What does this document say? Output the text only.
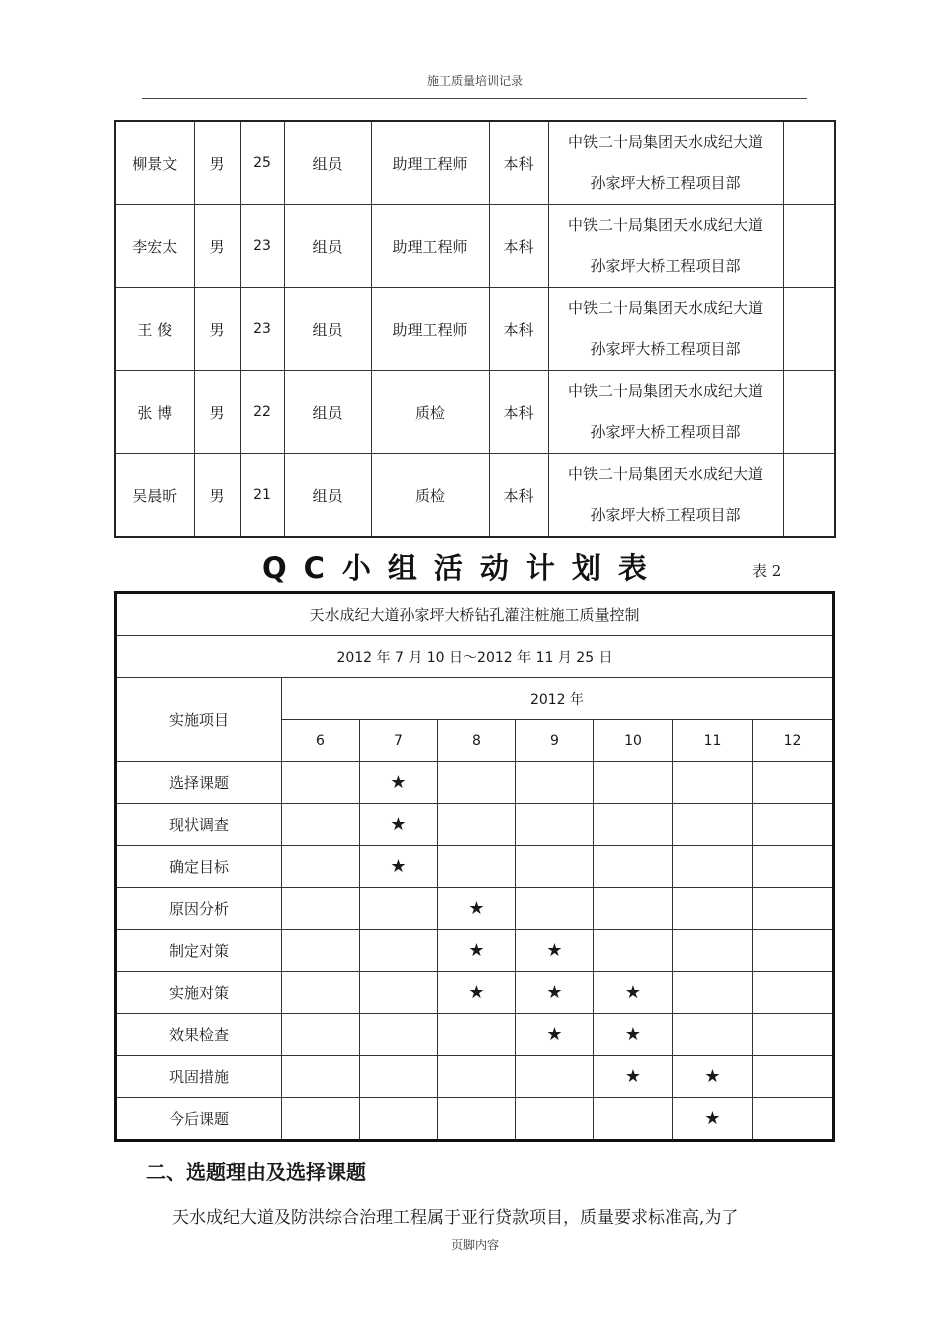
施工质量培训记录
柳景文	男	25	组员	助理工程师	本科	中铁二十局集团天水成纪大道
孙家坪大桥工程项目部	

李宏太	男	23	组员	助理工程师	本科	中铁二十局集团天水成纪大道
孙家坪大桥工程项目部	

王 俊	男	23	组员	助理工程师	本科	中铁二十局集团天水成纪大道
孙家坪大桥工程项目部	

张 博	男	22	组员	质检	本科	中铁二十局集团天水成纪大道
孙家坪大桥工程项目部	

吴晨昕	男	21	组员	质检	本科	中铁二十局集团天水成纪大道
孙家坪大桥工程项目部	

QC小组活动计划表	表 2
天水成纪大道孙家坪大桥钻孔灌注桩施工质量控制							
2012 年 7 月 10 日～2012 年 11 月 25 日							
实施项目	2012 年						
	6	7	8	9	10	11	12
选择课题		★					
现状调查		★					
确定目标		★					
原因分析			★				
制定对策			★	★			
实施对策			★	★	★		
效果检查				★	★		
巩固措施					★	★	
今后课题						★	
二、选题理由及选择课题
天水成纪大道及防洪综合治理工程属于亚行贷款项目，质量要求标准高,为了
页脚内容
